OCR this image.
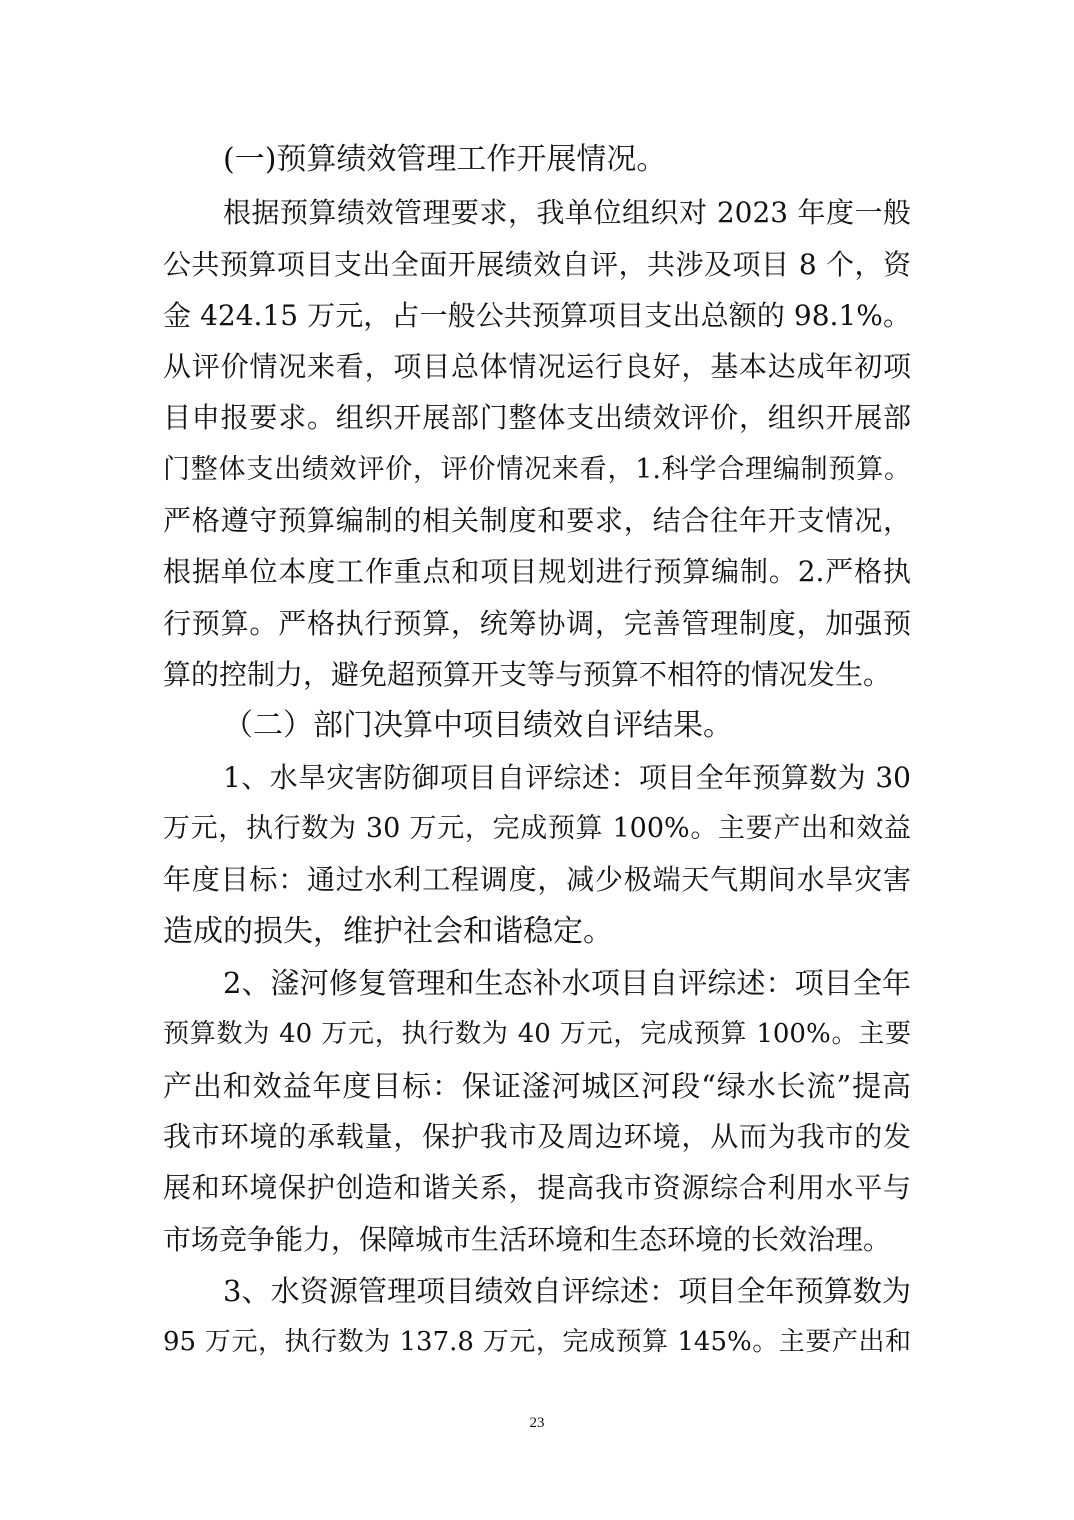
(一)预算绩效管理工作开展情况。
根据预算绩效管理要求，我单位组织对 2023 年度一般
公共预算项目支出全面开展绩效自评，共涉及项目 8 个，资
金 424.15 万元，占一般公共预算项目支出总额的 98.1%。
从评价情况来看，项目总体情况运行良好，基本达成年初项
目申报要求。组织开展部门整体支出绩效评价，组织开展部
门整体支出绩效评价，评价情况来看，1.科学合理编制预算。
严格遵守预算编制的相关制度和要求，结合往年开支情况，
根据单位本度工作重点和项目规划进行预算编制。2.严格执
行预算。严格执行预算，统筹协调，完善管理制度，加强预
算的控制力，避免超预算开支等与预算不相符的情况发生。
（二）部门决算中项目绩效自评结果。
1、水旱灾害防御项目自评综述：项目全年预算数为 30
万元，执行数为 30 万元，完成预算 100%。主要产出和效益
年度目标：通过水利工程调度，减少极端天气期间水旱灾害
造成的损失，维护社会和谐稳定。
2、滏河修复管理和生态补水项目自评综述：项目全年
预算数为 40 万元，执行数为 40 万元，完成预算 100%。主要
产出和效益年度目标：保证滏河城区河段“绿水长流”提高
我市环境的承载量，保护我市及周边环境，从而为我市的发
展和环境保护创造和谐关系，提高我市资源综合利用水平与
市场竞争能力，保障城市生活环境和生态环境的长效治理。
3、水资源管理项目绩效自评综述：项目全年预算数为
95 万元，执行数为 137.8 万元，完成预算 145%。主要产出和
23
